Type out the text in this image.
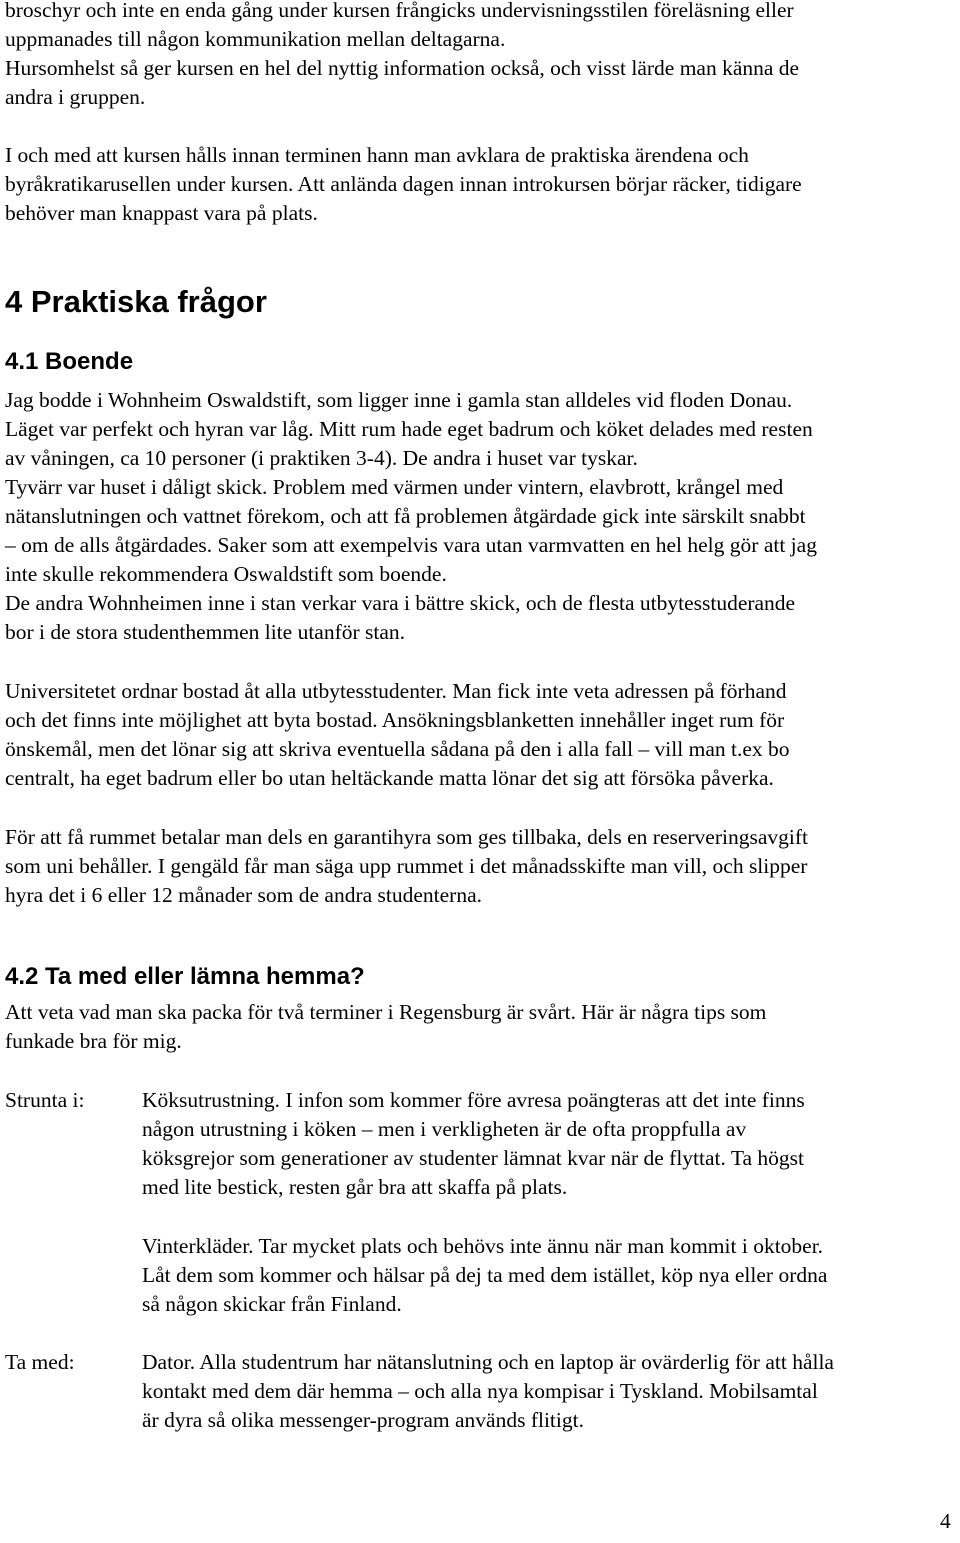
broschyr och inte en enda gång under kursen frångicks undervisningsstilen föreläsning eller
uppmanades till någon kommunikation mellan deltagarna.
Hursomhelst så ger kursen en hel del nyttig information också, och visst lärde man känna de
andra i gruppen.

I och med att kursen hålls innan terminen hann man avklara de praktiska ärendena och
byråkratikarusellen under kursen. Att anlända dagen innan introkursen börjar räcker, tidigare
behöver man knappast vara på plats.

4 Praktiska frågor
4.1 Boende

Jag bodde i Wohnheim Oswaldstift, som ligger inne i gamla stan alldeles vid floden Donau.
Läget var perfekt och hyran var låg. Mitt rum hade eget badrum och köket delades med resten
av våningen, ca 10 personer (i praktiken 3-4). De andra i huset var tyskar.
Tyvärr var huset i dåligt skick. Problem med värmen under vintern, elavbrott, krångel med
nätanslutningen och vattnet förekom, och att få problemen åtgärdade gick inte särskilt snabbt
– om de alls åtgärdades. Saker som att exempelvis vara utan varmvatten en hel helg gör att jag
inte skulle rekommendera Oswaldstift som boende.
De andra Wohnheimen inne i stan verkar vara i bättre skick, och de flesta utbytesstuderande
bor i de stora studenthemmen lite utanför stan.

Universitetet ordnar bostad åt alla utbytesstudenter. Man fick inte veta adressen på förhand
och det finns inte möjlighet att byta bostad. Ansökningsblanketten innehåller inget rum för
önskemål, men det lönar sig att skriva eventuella sådana på den i alla fall – vill man t.ex bo
centralt, ha eget badrum eller bo utan heltäckande matta lönar det sig att försöka påverka.

För att få rummet betalar man dels en garantihyra som ges tillbaka, dels en reserveringsavgift
som uni behåller. I gengäld får man säga upp rummet i det månadsskifte man vill, och slipper
hyra det i 6 eller 12 månader som de andra studenterna.

4.2 Ta med eller lämna hemma?

Att veta vad man ska packa för två terminer i Regensburg är svårt. Här är några tips som
funkade bra för mig.

Strunta i:	Köksutrustning. I infon som kommer före avresa poängteras att det inte finns
någon utrustning i köken – men i verkligheten är de ofta proppfulla av
köksgrejor som generationer av studenter lämnat kvar när de flyttat. Ta högst
med lite bestick, resten går bra att skaffa på plats.

Vinterkläder. Tar mycket plats och behövs inte ännu när man kommit i oktober.
Låt dem som kommer och hälsar på dej ta med dem istället, köp nya eller ordna
så någon skickar från Finland.

Ta med:	Dator. Alla studentrum har nätanslutning och en laptop är ovärderlig för att hålla
kontakt med dem där hemma – och alla nya kompisar i Tyskland. Mobilsamtal
är dyra så olika messenger-program används flitigt.

4
